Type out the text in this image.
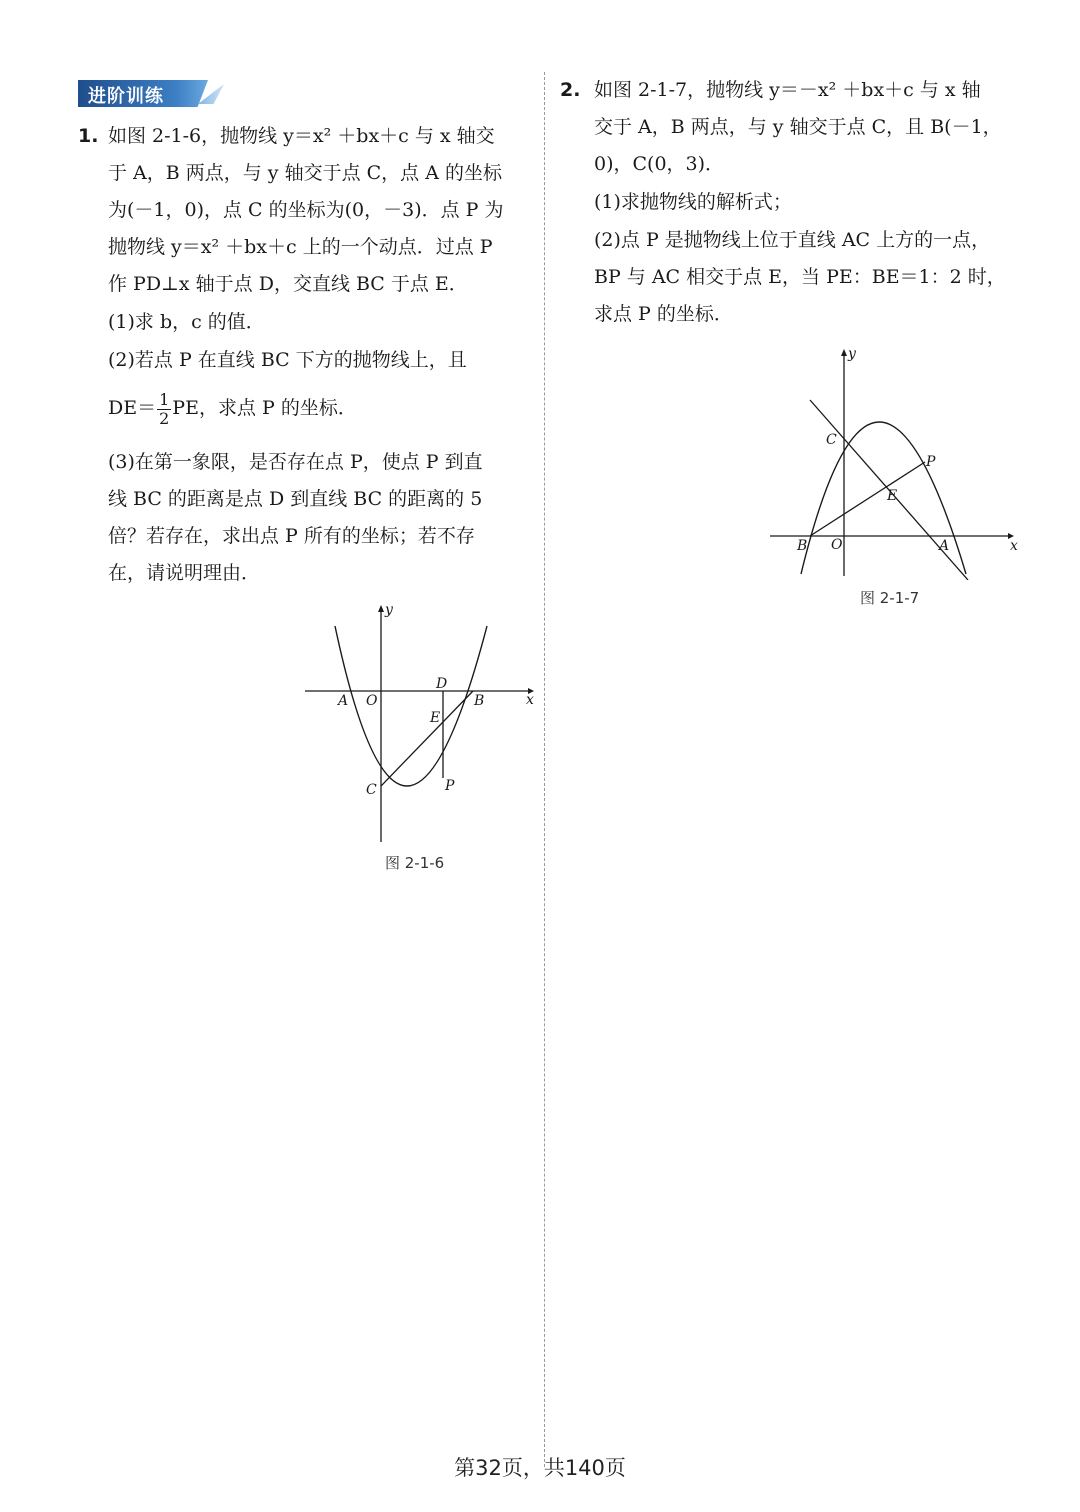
进阶训练
1. 如图 2-1-6，抛物线 y＝x² ＋bx＋c 与 x 轴交
于 A，B 两点，与 y 轴交于点 C，点 A 的坐标
为(－1，0)，点 C 的坐标为(0，－3)．点 P 为
抛物线 y＝x² ＋bx＋c 上的一个动点．过点 P
作 PD⊥x 轴于点 D，交直线 BC 于点 E．
(1)求 b，c 的值．
(2)若点 P 在直线 BC 下方的抛物线上，且
$DE= \frac{1}{2}$ PE，求点 P 的坐标．
(3)在第一象限，是否存在点 P，使点 P 到直
线 BC 的距离是点 D 到直线 BC 的距离的 5
倍？若存在，求出点 P 所有的坐标；若不存
在，请说明理由．
x
y
O
A	B
C
D
E
P
图 2-1-6
2. 如图 2-1-7，抛物线 y＝－x² ＋bx＋c 与 x 轴
交于 A，B 两点，与 y 轴交于点 C，且 B(－1，
0)，C(0，3)．
(1)求抛物线的解析式；
(2)点 P 是抛物线上位于直线 AC 上方的一点，
BP 与 AC 相交于点 E，当 PE：BE＝1：2 时，
求点 P 的坐标．
x
y
O	A
B
C
E
P
图 2-1-7
第32页，共140页
